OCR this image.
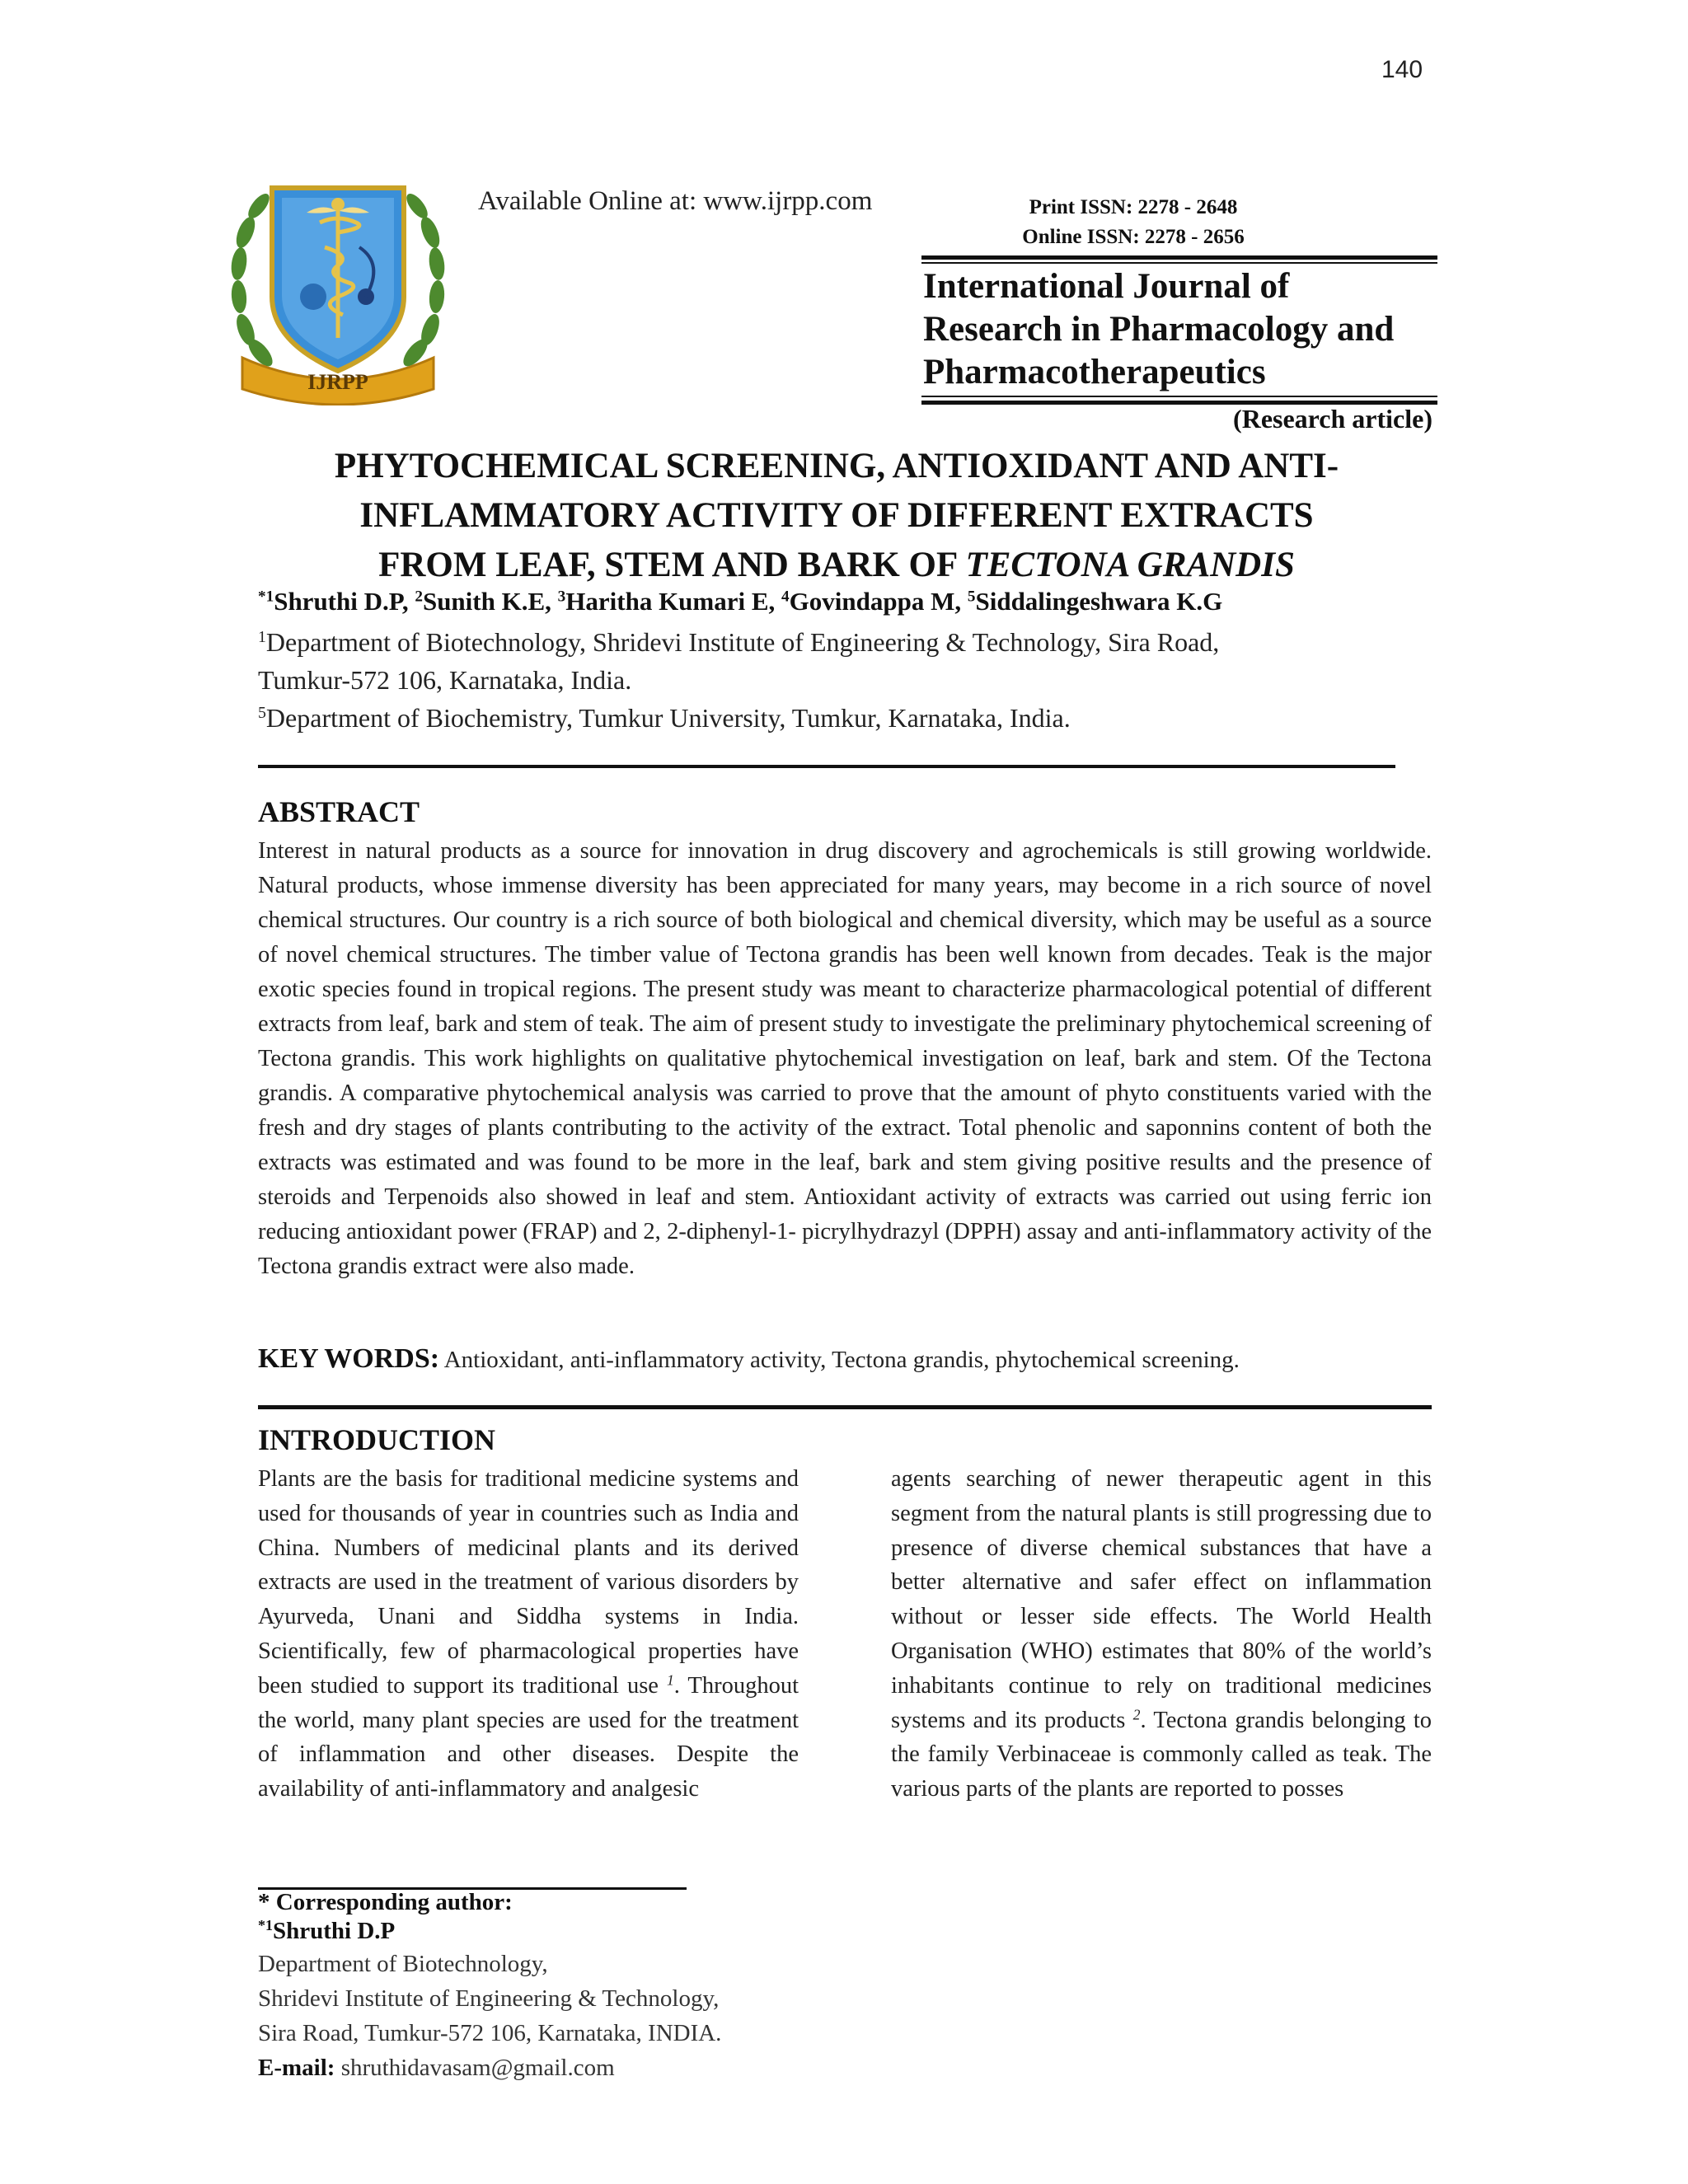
140
IJRPP
Available Online at: www.ijrpp.com	Print ISSN: 2278 - 2648
Online ISSN: 2278 - 2656
International Journal of
Research in Pharmacology and
Pharmacotherapeutics
(Research article)
PHYTOCHEMICAL SCREENING, ANTIOXIDANT AND ANTI-
INFLAMMATORY ACTIVITY OF DIFFERENT EXTRACTS
FROM LEAF, STEM AND BARK OF TECTONA GRANDIS
$^{*1}$Shruthi D.P, $^2$Sunith K.E, $^3$Haritha Kumari E, $^4$Govindappa M, $^5$Siddalingeshwara K.G
$^1$Department of Biotechnology, Shridevi Institute of Engineering & Technology, Sira Road,
Tumkur-572 106, Karnataka, India.
$^5$Department of Biochemistry, Tumkur University, Tumkur, Karnataka, India.
ABSTRACT
Interest in natural products as a source for innovation in drug discovery and agrochemicals is still growing worldwide. Natural products, whose immense diversity has been appreciated for many years, may become in a rich source of novel chemical structures. Our country is a rich source of both biological and chemical diversity, which may be useful as a source of novel chemical structures. The timber value of Tectona grandis has been well known from decades. Teak is the major exotic species found in tropical regions. The present study was meant to characterize pharmacological potential of different extracts from leaf, bark and stem of teak. The aim of present study to investigate the preliminary phytochemical screening of Tectona grandis. This work highlights on qualitative phytochemical investigation on leaf, bark and stem. Of the Tectona grandis. A comparative phytochemical analysis was carried to prove that the amount of phyto constituents varied with the fresh and dry stages of plants contributing to the activity of the extract. Total phenolic and saponnins content of both the extracts was estimated and was found to be more in the leaf, bark and stem giving positive results and the presence of steroids and Terpenoids also showed in leaf and stem. Antioxidant activity of extracts was carried out using ferric ion reducing antioxidant power (FRAP) and 2, 2-diphenyl-1- picrylhydrazyl (DPPH) assay and anti-inflammatory activity of the Tectona grandis extract were also made.
KEY WORDS: Antioxidant, anti-inflammatory activity, Tectona grandis, phytochemical screening.
INTRODUCTION
Plants are the basis for traditional medicine systems and used for thousands of year in countries such as India and China. Numbers of medicinal plants and its derived extracts are used in the treatment of various disorders by Ayurveda, Unani and Siddha systems in India. Scientifically, few of pharmacological properties have been studied to support its traditional use $^1$. Throughout the world, many plant species are used for the treatment of inflammation and other diseases. Despite the availability of anti-inflammatory and analgesic
agents searching of newer therapeutic agent in this segment from the natural plants is still progressing due to presence of diverse chemical substances that have a better alternative and safer effect on inflammation without or lesser side effects. The World Health Organisation (WHO) estimates that 80% of the world’s inhabitants continue to rely on traditional medicines systems and its products $^2$. Tectona grandis belonging to the family Verbinaceae is commonly called as teak. The various parts of the plants are reported to posses
* Corresponding author:
$^{*1}$Shruthi D.P
Department of Biotechnology,
Shridevi Institute of Engineering & Technology,
Sira Road, Tumkur-572 106, Karnataka, INDIA.
E-mail: shruthidavasam@gmail.com
